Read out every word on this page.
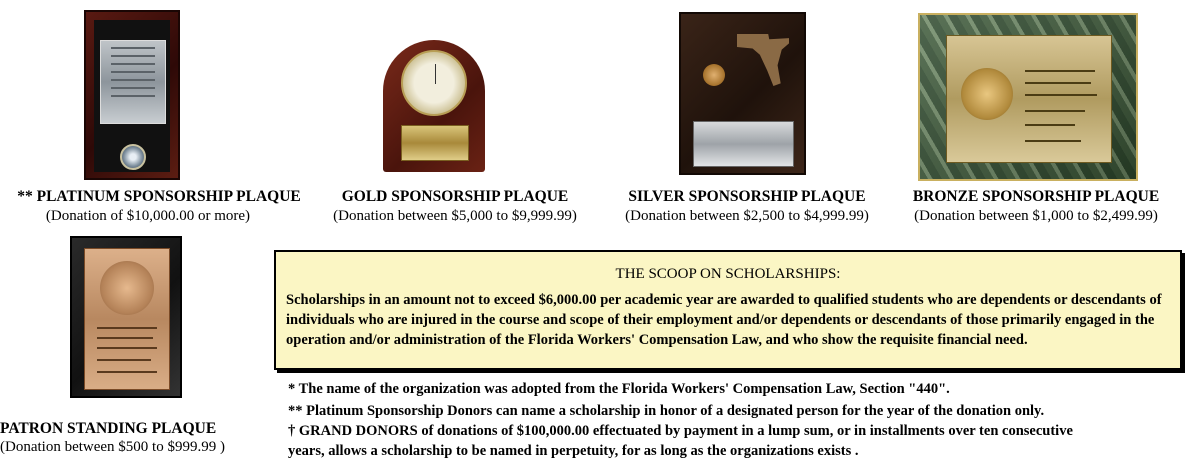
** PLATINUM SPONSORSHIP PLAQUE
(Donation of $10,000.00 or more)
GOLD SPONSORSHIP PLAQUE
(Donation between $5,000 to $9,999.99)
SILVER SPONSORSHIP PLAQUE
(Donation between $2,500 to $4,999.99)
BRONZE SPONSORSHIP PLAQUE
(Donation between $1,000 to $2,499.99)
PATRON STANDING PLAQUE
(Donation between $500 to $999.99 )
THE SCOOP ON SCHOLARSHIPS:
Scholarships in an amount not to exceed $6,000.00 per academic year are awarded to qualified students who are dependents or descendants of individuals who are injured in the course and scope of their employment and/or dependents or descendants of those primarily engaged in the operation and/or administration of the Florida Workers' Compensation Law, and who show the requisite financial need.
* The name of the organization was adopted from the Florida Workers' Compensation Law, Section "440".
** Platinum Sponsorship Donors can name a scholarship in honor of a designated person for the year of the donation only.
† GRAND DONORS of donations of $100,000.00 effectuated by payment in a lump sum, or in installments over ten consecutive
years, allows a scholarship to be named in perpetuity, for as long as the organizations exists .
